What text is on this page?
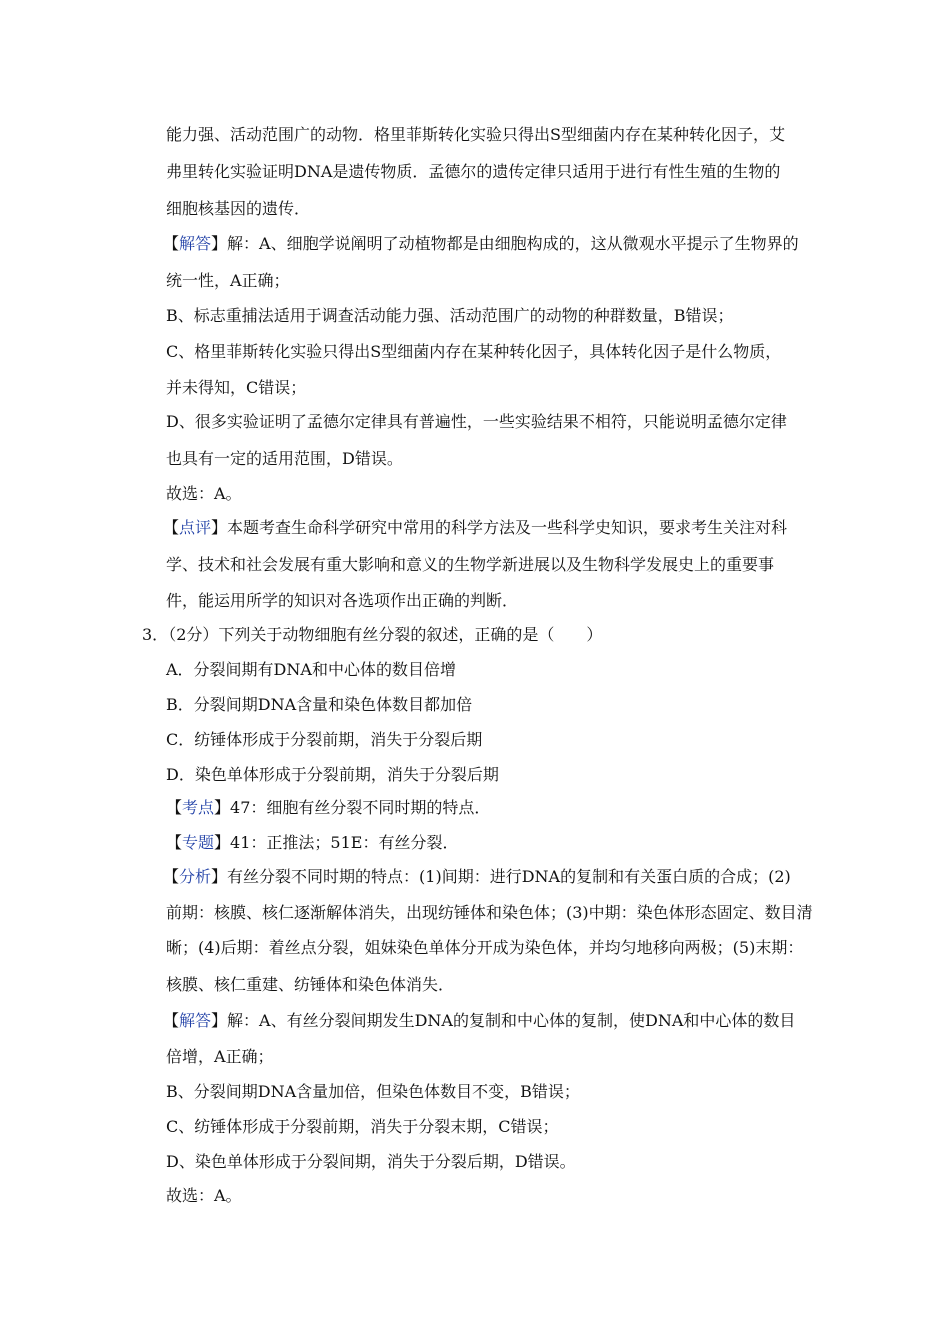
能力强、活动范围广的动物．格里菲斯转化实验只得出S型细菌内存在某种转化因子，艾
弗里转化实验证明DNA是遗传物质．孟德尔的遗传定律只适用于进行有性生殖的生物的
细胞核基因的遗传．
【解答】解：A、细胞学说阐明了动植物都是由细胞构成的，这从微观水平提示了生物界的
统一性，A正确；
B、标志重捕法适用于调查活动能力强、活动范围广的动物的种群数量，B错误；
C、格里菲斯转化实验只得出S型细菌内存在某种转化因子，具体转化因子是什么物质，
并未得知，C错误；
D、很多实验证明了孟德尔定律具有普遍性，一些实验结果不相符，只能说明孟德尔定律
也具有一定的适用范围，D错误。
故选：A。
【点评】本题考查生命科学研究中常用的科学方法及一些科学史知识，要求考生关注对科
学、技术和社会发展有重大影响和意义的生物学新进展以及生物科学发展史上的重要事
件，能运用所学的知识对各选项作出正确的判断．
3．（2分）下列关于动物细胞有丝分裂的叙述，正确的是（　　）
A．分裂间期有DNA和中心体的数目倍增
B．分裂间期DNA含量和染色体数目都加倍
C．纺锤体形成于分裂前期，消失于分裂后期
D．染色单体形成于分裂前期，消失于分裂后期
【考点】47：细胞有丝分裂不同时期的特点．
【专题】41：正推法；51E：有丝分裂．
【分析】有丝分裂不同时期的特点：(1)间期：进行DNA的复制和有关蛋白质的合成；(2)
前期：核膜、核仁逐渐解体消失，出现纺锤体和染色体；(3)中期：染色体形态固定、数目清
晰；(4)后期：着丝点分裂，姐妹染色单体分开成为染色体，并均匀地移向两极；(5)末期：
核膜、核仁重建、纺锤体和染色体消失．
【解答】解：A、有丝分裂间期发生DNA的复制和中心体的复制，使DNA和中心体的数目
倍增，A正确；
B、分裂间期DNA含量加倍，但染色体数目不变，B错误；
C、纺锤体形成于分裂前期，消失于分裂末期，C错误；
D、染色单体形成于分裂间期，消失于分裂后期，D错误。
故选：A。
